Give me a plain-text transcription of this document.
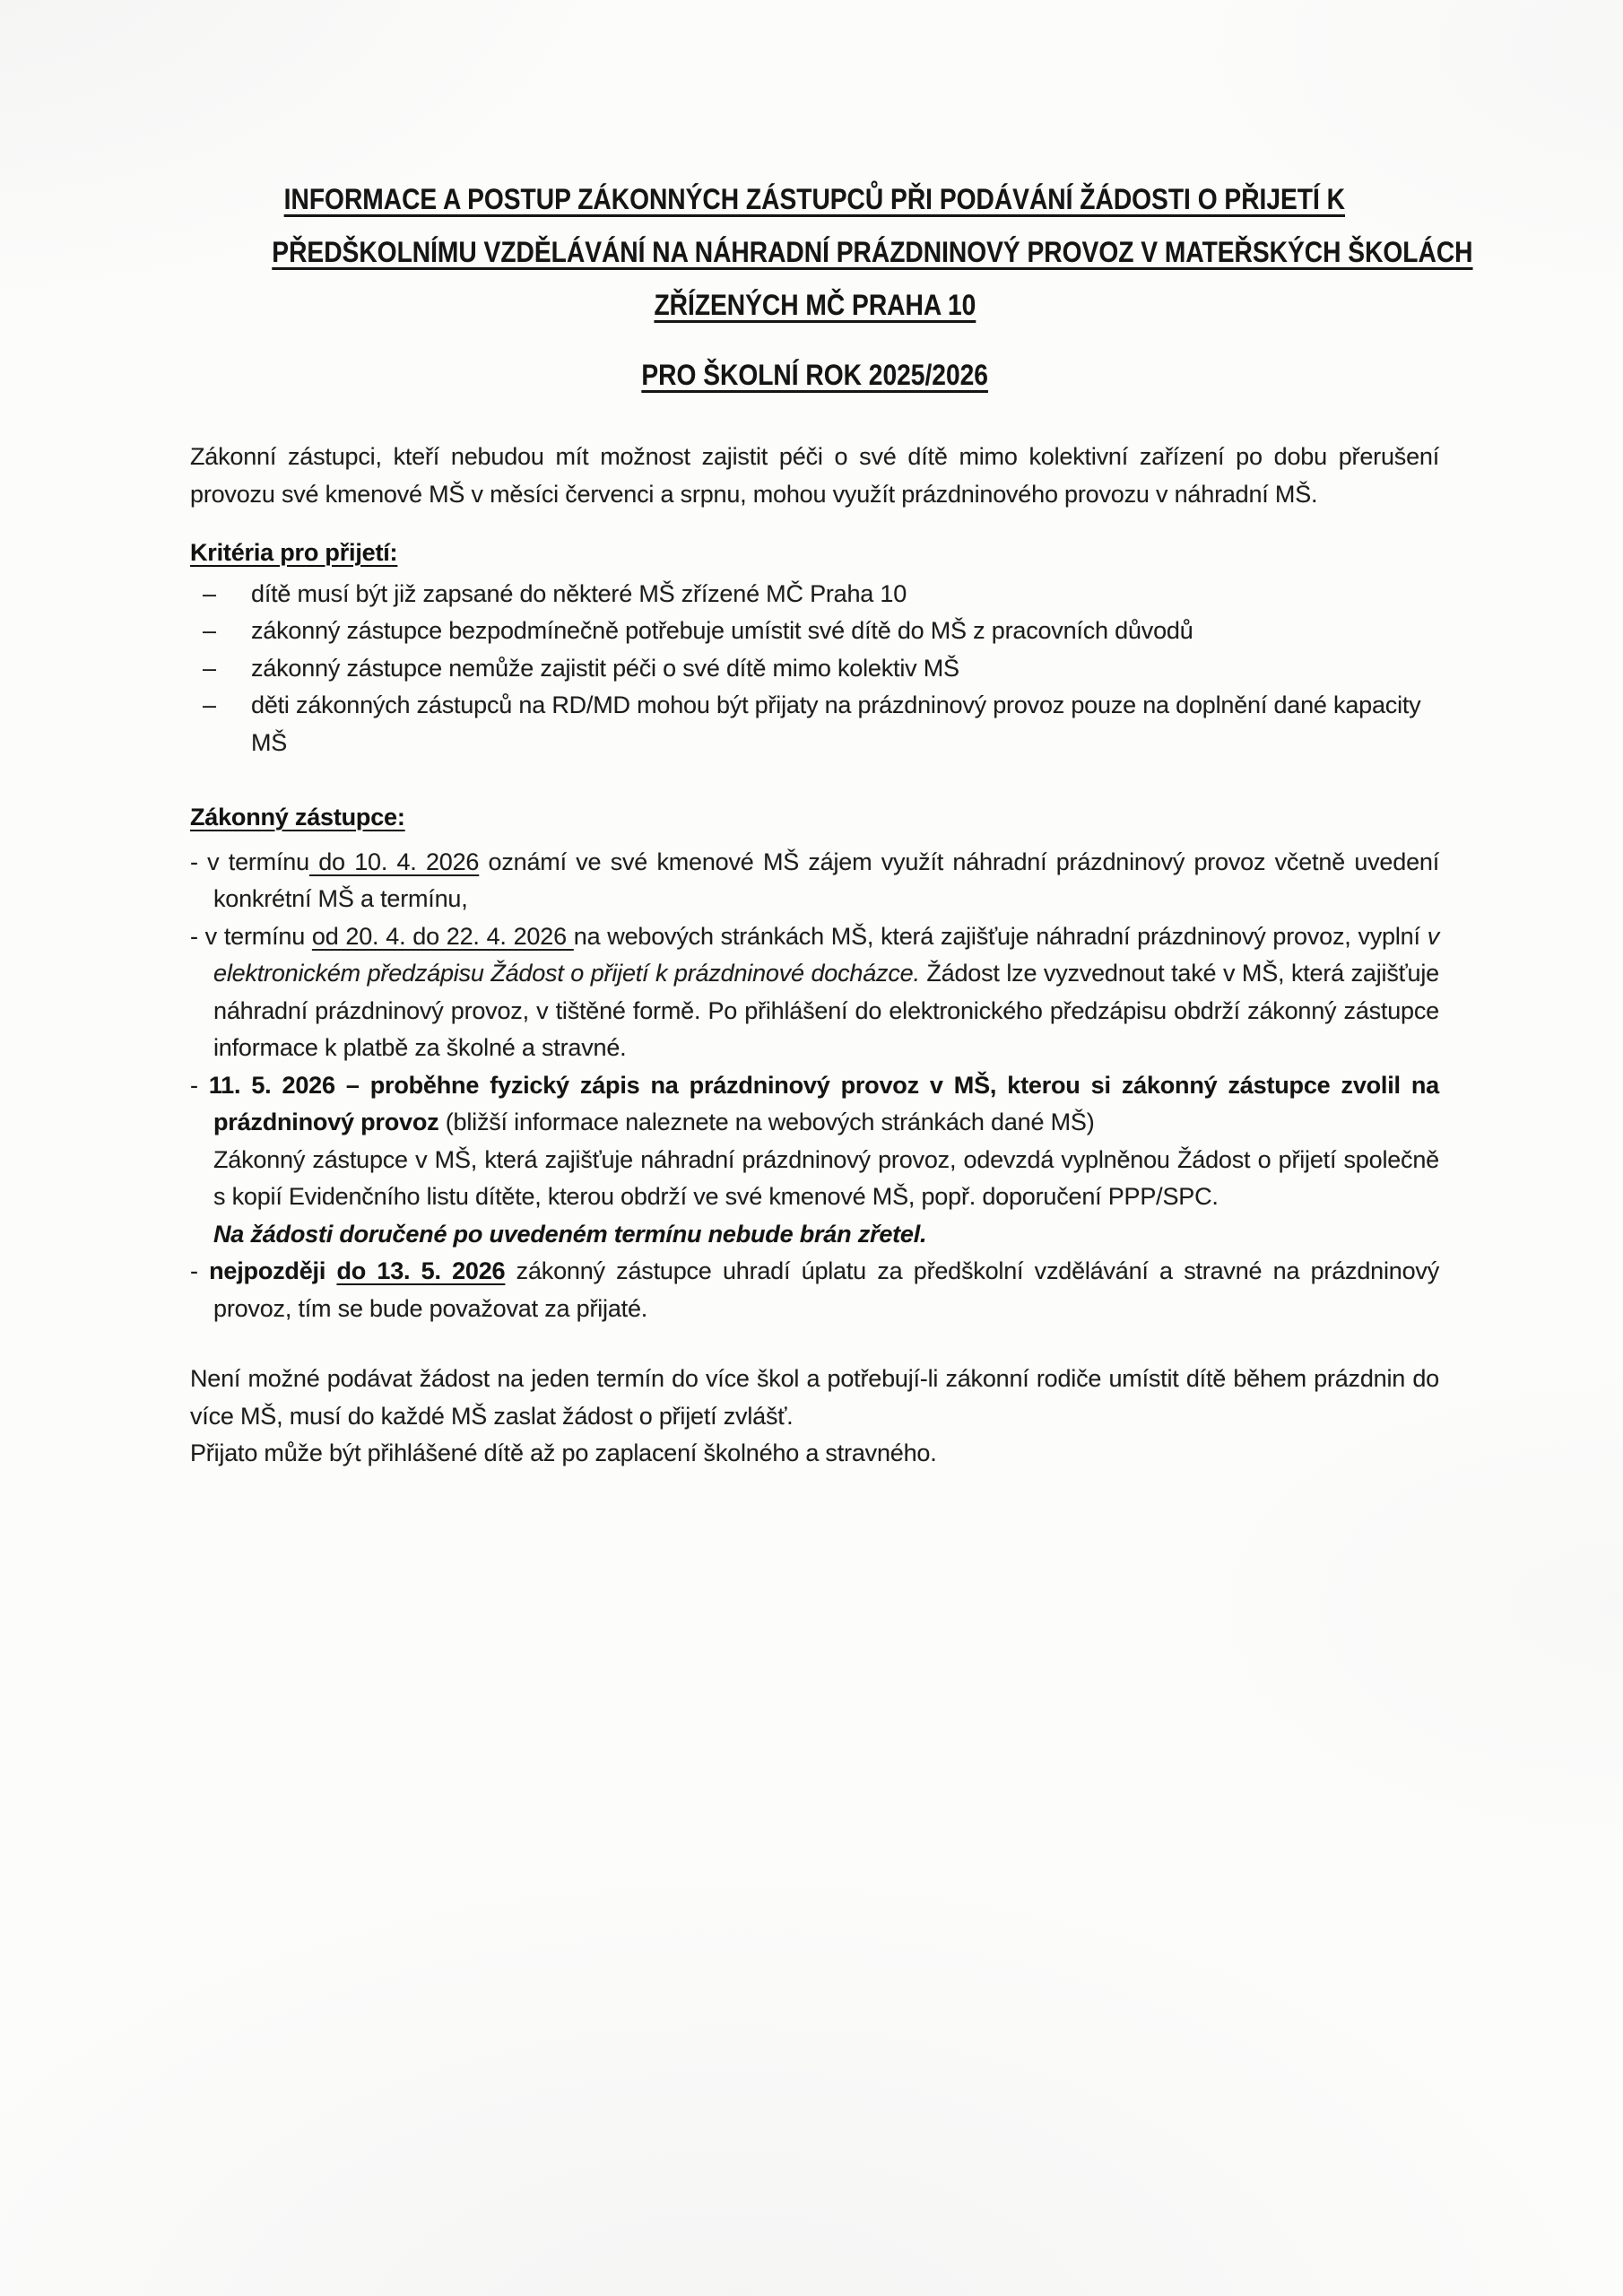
INFORMACE A POSTUP ZÁKONNÝCH ZÁSTUPCŮ PŘI PODÁVÁNÍ ŽÁDOSTI O PŘIJETÍ K
PŘEDŠKOLNÍMU VZDĚLÁVÁNÍ NA NÁHRADNÍ PRÁZDNINOVÝ PROVOZ V MATEŘSKÝCH ŠKOLÁCH
ZŘÍZENÝCH MČ PRAHA 10
PRO ŠKOLNÍ ROK 2025/2026

Zákonní zástupci, kteří nebudou mít možnost zajistit péči o své dítě mimo kolektivní zařízení po dobu přerušení provozu své kmenové MŠ v měsíci červenci a srpnu, mohou využít prázdninového provozu v náhradní MŠ.

Kritéria pro přijetí:
–	dítě musí být již zapsané do některé MŠ zřízené MČ Praha 10
–	zákonný zástupce bezpodmínečně potřebuje umístit své dítě do MŠ z pracovních důvodů
–	zákonný zástupce nemůže zajistit péči o své dítě mimo kolektiv MŠ
–	děti zákonných zástupců na RD/MD mohou být přijaty na prázdninový provoz pouze na doplnění dané kapacity MŠ
Zákonný zástupce:

- v termínu do 10. 4. 2026 oznámí ve své kmenové MŠ zájem využít náhradní prázdninový provoz včetně uvedení konkrétní MŠ a termínu,

- v termínu od 20. 4. do 22. 4. 2026 na webových stránkách MŠ, která zajišťuje náhradní prázdninový provoz, vyplní v elektronickém předzápisu Žádost o přijetí k prázdninové docházce. Žádost lze vyzvednout také v MŠ, která zajišťuje náhradní prázdninový provoz, v tištěné formě. Po přihlášení do elektronického předzápisu obdrží zákonný zástupce informace k platbě za školné a stravné.

- 11. 5. 2026 – proběhne fyzický zápis na prázdninový provoz v MŠ, kterou si zákonný zástupce zvolil na prázdninový provoz (bližší informace naleznete na webových stránkách dané MŠ)

Zákonný zástupce v MŠ, která zajišťuje náhradní prázdninový provoz, odevzdá vyplněnou Žádost o přijetí společně s kopií Evidenčního listu dítěte, kterou obdrží ve své kmenové MŠ, popř. doporučení PPP/SPC.

Na žádosti doručené po uvedeném termínu nebude brán zřetel.

- nejpozději do 13. 5. 2026 zákonný zástupce uhradí úplatu za předškolní vzdělávání a stravné na prázdninový provoz, tím se bude považovat za přijaté.

Není možné podávat žádost na jeden termín do více škol a potřebují-li zákonní rodiče umístit dítě během prázdnin do více MŠ, musí do každé MŠ zaslat žádost o přijetí zvlášť.

Přijato může být přihlášené dítě až po zaplacení školného a stravného.
